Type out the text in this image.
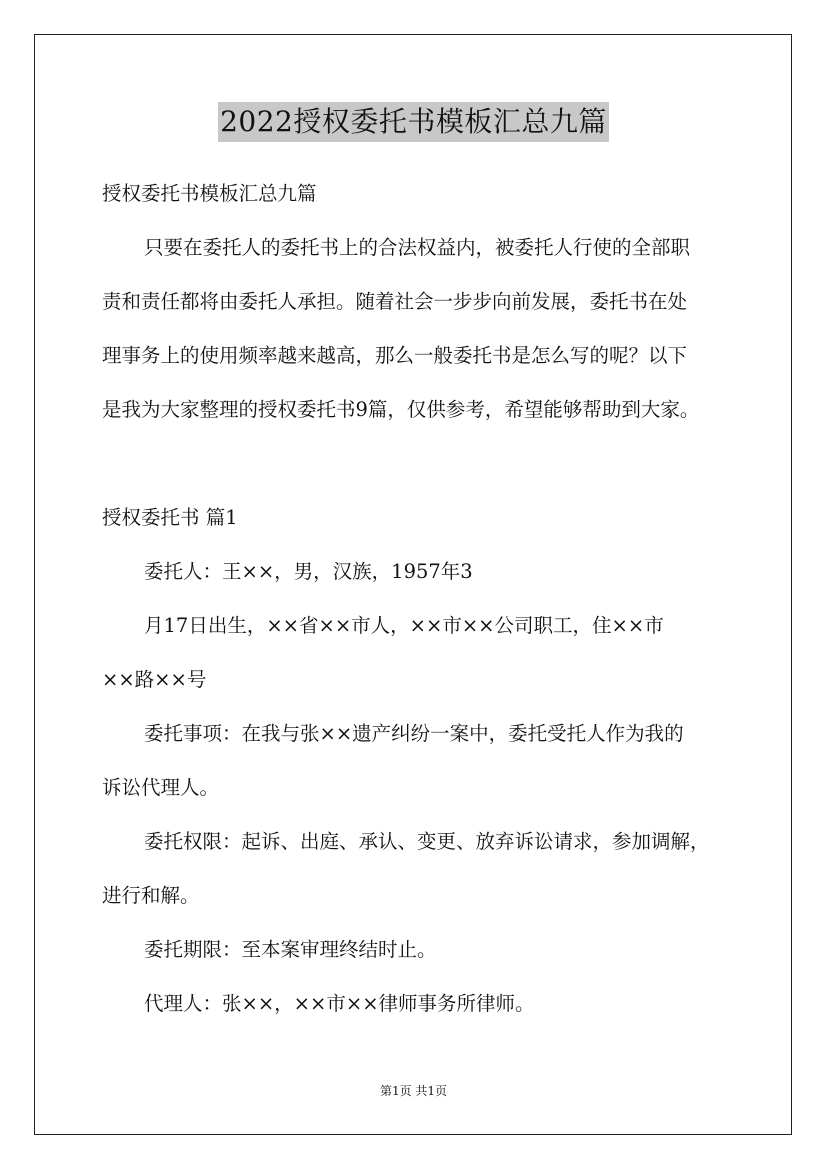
2022授权委托书模板汇总九篇
授权委托书模板汇总九篇
只要在委托人的委托书上的合法权益内，被委托人行使的全部职
责和责任都将由委托人承担。随着社会一步步向前发展，委托书在处
理事务上的使用频率越来越高，那么一般委托书是怎么写的呢？以下
是我为大家整理的授权委托书9篇，仅供参考，希望能够帮助到大家。
授权委托书 篇1
委托人：王××，男，汉族，1957年3
月17日出生，××省××市人，××市××公司职工，住××市
××路××号
委托事项：在我与张××遗产纠纷一案中，委托受托人作为我的
诉讼代理人。
委托权限：起诉、出庭、承认、变更、放弃诉讼请求，参加调解，
进行和解。
委托期限：至本案审理终结时止。
代理人：张××，××市××律师事务所律师。
第1页 共1页
